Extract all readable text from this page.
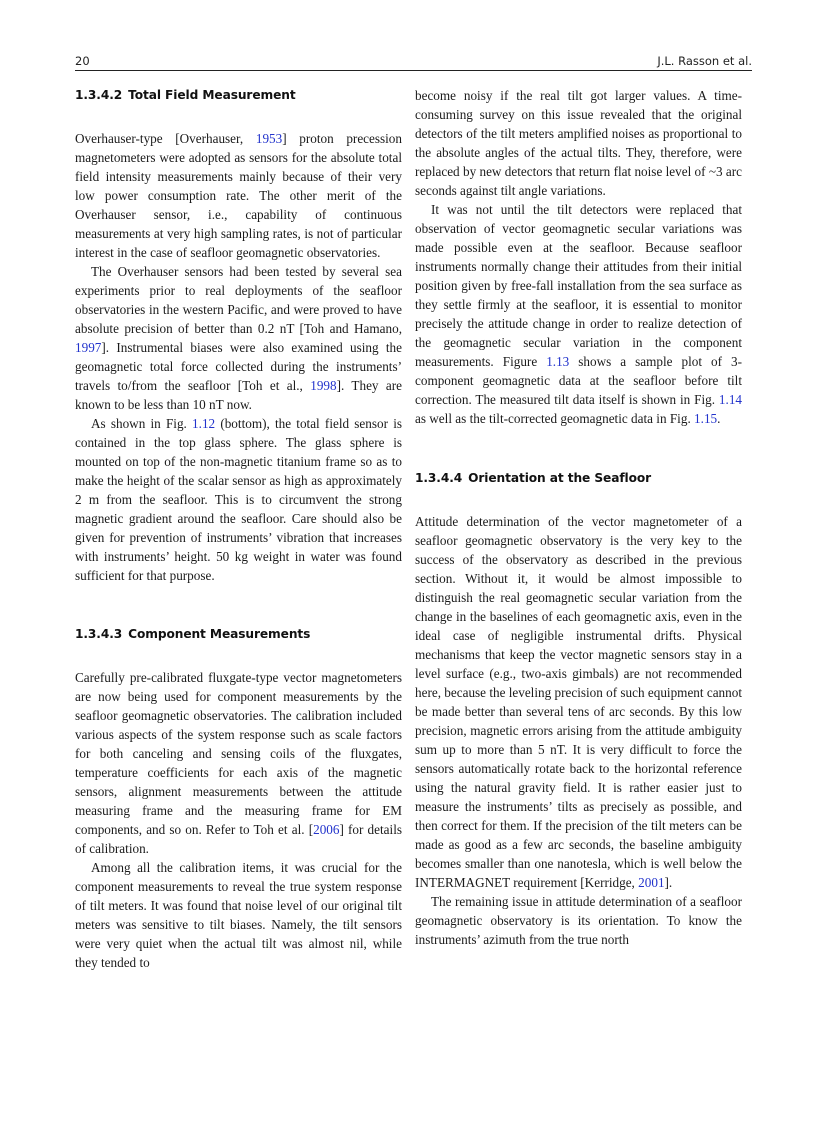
20	J.L. Rasson et al.
1.3.4.2 Total Field Measurement

Overhauser-type [Overhauser, 1953] proton precession magnetometers were adopted as sensors for the absolute total field intensity measurements mainly because of their very low power consumption rate. The other merit of the Overhauser sensor, i.e., capability of continuous measurements at very high sampling rates, is not of particular interest in the case of seafloor geomagnetic observatories.

The Overhauser sensors had been tested by several sea experiments prior to real deployments of the seafloor observatories in the western Pacific, and were proved to have absolute precision of better than 0.2 nT [Toh and Hamano, 1997]. Instrumental biases were also examined using the geomagnetic total force collected during the instruments’ travels to/from the seafloor [Toh et al., 1998]. They are known to be less than 10 nT now.

As shown in Fig. 1.12 (bottom), the total field sensor is contained in the top glass sphere. The glass sphere is mounted on top of the non-magnetic titanium frame so as to make the height of the scalar sensor as high as approximately 2 m from the seafloor. This is to circumvent the strong magnetic gradient around the seafloor. Care should also be given for prevention of instruments’ vibration that increases with instruments’ height. 50 kg weight in water was found sufficient for that purpose.

1.3.4.3 Component Measurements

Carefully pre-calibrated fluxgate-type vector magnetometers are now being used for component measurements by the seafloor geomagnetic observatories. The calibration included various aspects of the system response such as scale factors for both canceling and sensing coils of the fluxgates, temperature coefficients for each axis of the magnetic sensors, alignment measurements between the attitude measuring frame and the measuring frame for EM components, and so on. Refer to Toh et al. [2006] for details of calibration.

Among all the calibration items, it was crucial for the component measurements to reveal the true system response of tilt meters. It was found that noise level of our original tilt meters was sensitive to tilt biases. Namely, the tilt sensors were very quiet when the actual tilt was almost nil, while they tended to

become noisy if the real tilt got larger values. A time-consuming survey on this issue revealed that the original detectors of the tilt meters amplified noises as proportional to the absolute angles of the actual tilts. They, therefore, were replaced by new detectors that return flat noise level of ~3 arc seconds against tilt angle variations.

It was not until the tilt detectors were replaced that observation of vector geomagnetic secular variations was made possible even at the seafloor. Because seafloor instruments normally change their attitudes from their initial position given by free-fall installation from the sea surface as they settle firmly at the seafloor, it is essential to monitor precisely the attitude change in order to realize detection of the geomagnetic secular variation in the component measurements. Figure 1.13 shows a sample plot of 3-component geomagnetic data at the seafloor before tilt correction. The measured tilt data itself is shown in Fig. 1.14 as well as the tilt-corrected geomagnetic data in Fig. 1.15.

1.3.4.4 Orientation at the Seafloor

Attitude determination of the vector magnetometer of a seafloor geomagnetic observatory is the very key to the success of the observatory as described in the previous section. Without it, it would be almost impossible to distinguish the real geomagnetic secular variation from the change in the baselines of each geomagnetic axis, even in the ideal case of negligible instrumental drifts. Physical mechanisms that keep the vector magnetic sensors stay in a level surface (e.g., two-axis gimbals) are not recommended here, because the leveling precision of such equipment cannot be made better than several tens of arc seconds. By this low precision, magnetic errors arising from the attitude ambiguity sum up to more than 5 nT. It is very difficult to force the sensors automatically rotate back to the horizontal reference using the natural gravity field. It is rather easier just to measure the instruments’ tilts as precisely as possible, and then correct for them. If the precision of the tilt meters can be made as good as a few arc seconds, the baseline ambiguity becomes smaller than one nanotesla, which is well below the INTERMAGNET requirement [Kerridge, 2001].

The remaining issue in attitude determination of a seafloor geomagnetic observatory is its orientation. To know the instruments’ azimuth from the true north
